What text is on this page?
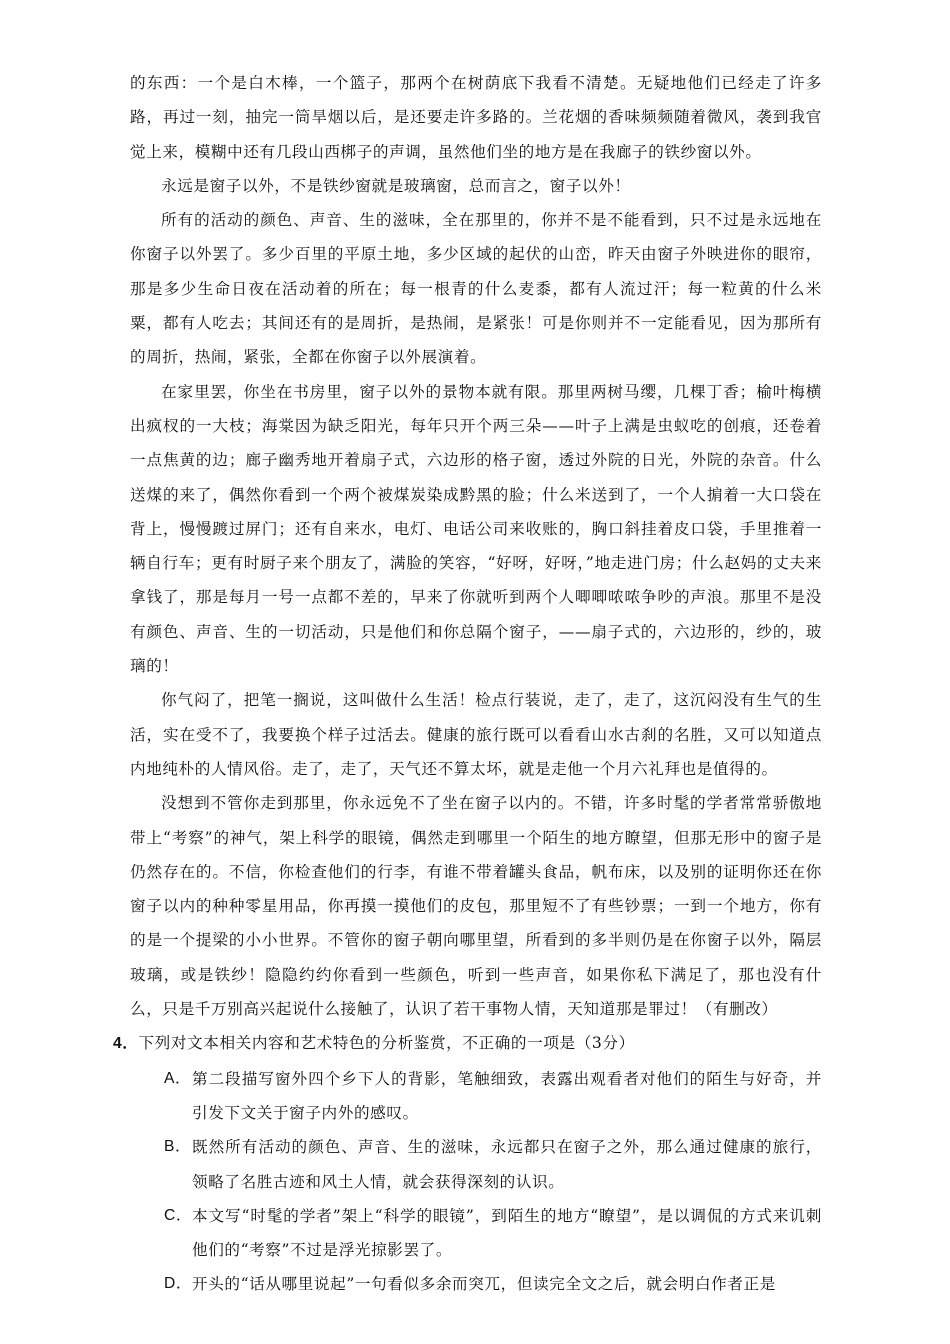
的东西：一个是白木棒，一个篮子，那两个在树荫底下我看不清楚。无疑地他们已经走了许多路，再过一刻，抽完一筒旱烟以后，是还要走许多路的。兰花烟的香味频频随着微风，袭到我官觉上来，模糊中还有几段山西梆子的声调，虽然他们坐的地方是在我廊子的铁纱窗以外。

永远是窗子以外，不是铁纱窗就是玻璃窗，总而言之，窗子以外！

所有的活动的颜色、声音、生的滋味，全在那里的，你并不是不能看到，只不过是永远地在你窗子以外罢了。多少百里的平原土地，多少区域的起伏的山峦，昨天由窗子外映进你的眼帘，那是多少生命日夜在活动着的所在；每一根青的什么麦黍，都有人流过汗；每一粒黄的什么米粟，都有人吃去；其间还有的是周折，是热闹，是紧张！可是你则并不一定能看见，因为那所有的周折，热闹，紧张，全都在你窗子以外展演着。

在家里罢，你坐在书房里，窗子以外的景物本就有限。那里两树马缨，几棵丁香；榆叶梅横出疯杈的一大枝；海棠因为缺乏阳光，每年只开个两三朵——叶子上满是虫蚁吃的创痕，还卷着一点焦黄的边；廊子幽秀地开着扇子式，六边形的格子窗，透过外院的日光，外院的杂音。什么送煤的来了，偶然你看到一个两个被煤炭染成黔黑的脸；什么米送到了，一个人掮着一大口袋在背上，慢慢踱过屏门；还有自来水，电灯、电话公司来收账的，胸口斜挂着皮口袋，手里推着一辆自行车；更有时厨子来个朋友了，满脸的笑容，“好呀，好呀，”地走进门房；什么赵妈的丈夫来拿钱了，那是每月一号一点都不差的，早来了你就听到两个人唧唧哝哝争吵的声浪。那里不是没有颜色、声音、生的一切活动，只是他们和你总隔个窗子，——扇子式的，六边形的，纱的，玻璃的！

你气闷了，把笔一搁说，这叫做什么生活！检点行装说，走了，走了，这沉闷没有生气的生活，实在受不了，我要换个样子过活去。健康的旅行既可以看看山水古刹的名胜，又可以知道点内地纯朴的人情风俗。走了，走了，天气还不算太坏，就是走他一个月六礼拜也是值得的。

没想到不管你走到那里，你永远免不了坐在窗子以内的。不错，许多时髦的学者常常骄傲地带上“考察”的神气，架上科学的眼镜，偶然走到哪里一个陌生的地方瞭望，但那无形中的窗子是仍然存在的。不信，你检查他们的行李，有谁不带着罐头食品，帆布床，以及别的证明你还在你窗子以内的种种零星用品，你再摸一摸他们的皮包，那里短不了有些钞票；一到一个地方，你有的是一个提梁的小小世界。不管你的窗子朝向哪里望，所看到的多半则仍是在你窗子以外，隔层玻璃，或是铁纱！隐隐约约你看到一些颜色，听到一些声音，如果你私下满足了，那也没有什么，只是千万别高兴起说什么接触了，认识了若干事物人情，天知道那是罪过！（有删改）

4．下列对文本相关内容和艺术特色的分析鉴赏，不正确的一项是（3分）

A． 第二段描写窗外四个乡下人的背影，笔触细致，表露出观看者对他们的陌生与好奇，并引发下文关于窗子内外的感叹。
B． 既然所有活动的颜色、声音、生的滋味，永远都只在窗子之外，那么通过健康的旅行，领略了名胜古迹和风土人情，就会获得深刻的认识。
C． 本文写“时髦的学者”架上“科学的眼镜”，到陌生的地方“瞭望”，是以调侃的方式来讥刺他们的“考察”不过是浮光掠影罢了。
D． 开头的“话从哪里说起”一句看似多余而突兀，但读完全文之后，就会明白作者正是
